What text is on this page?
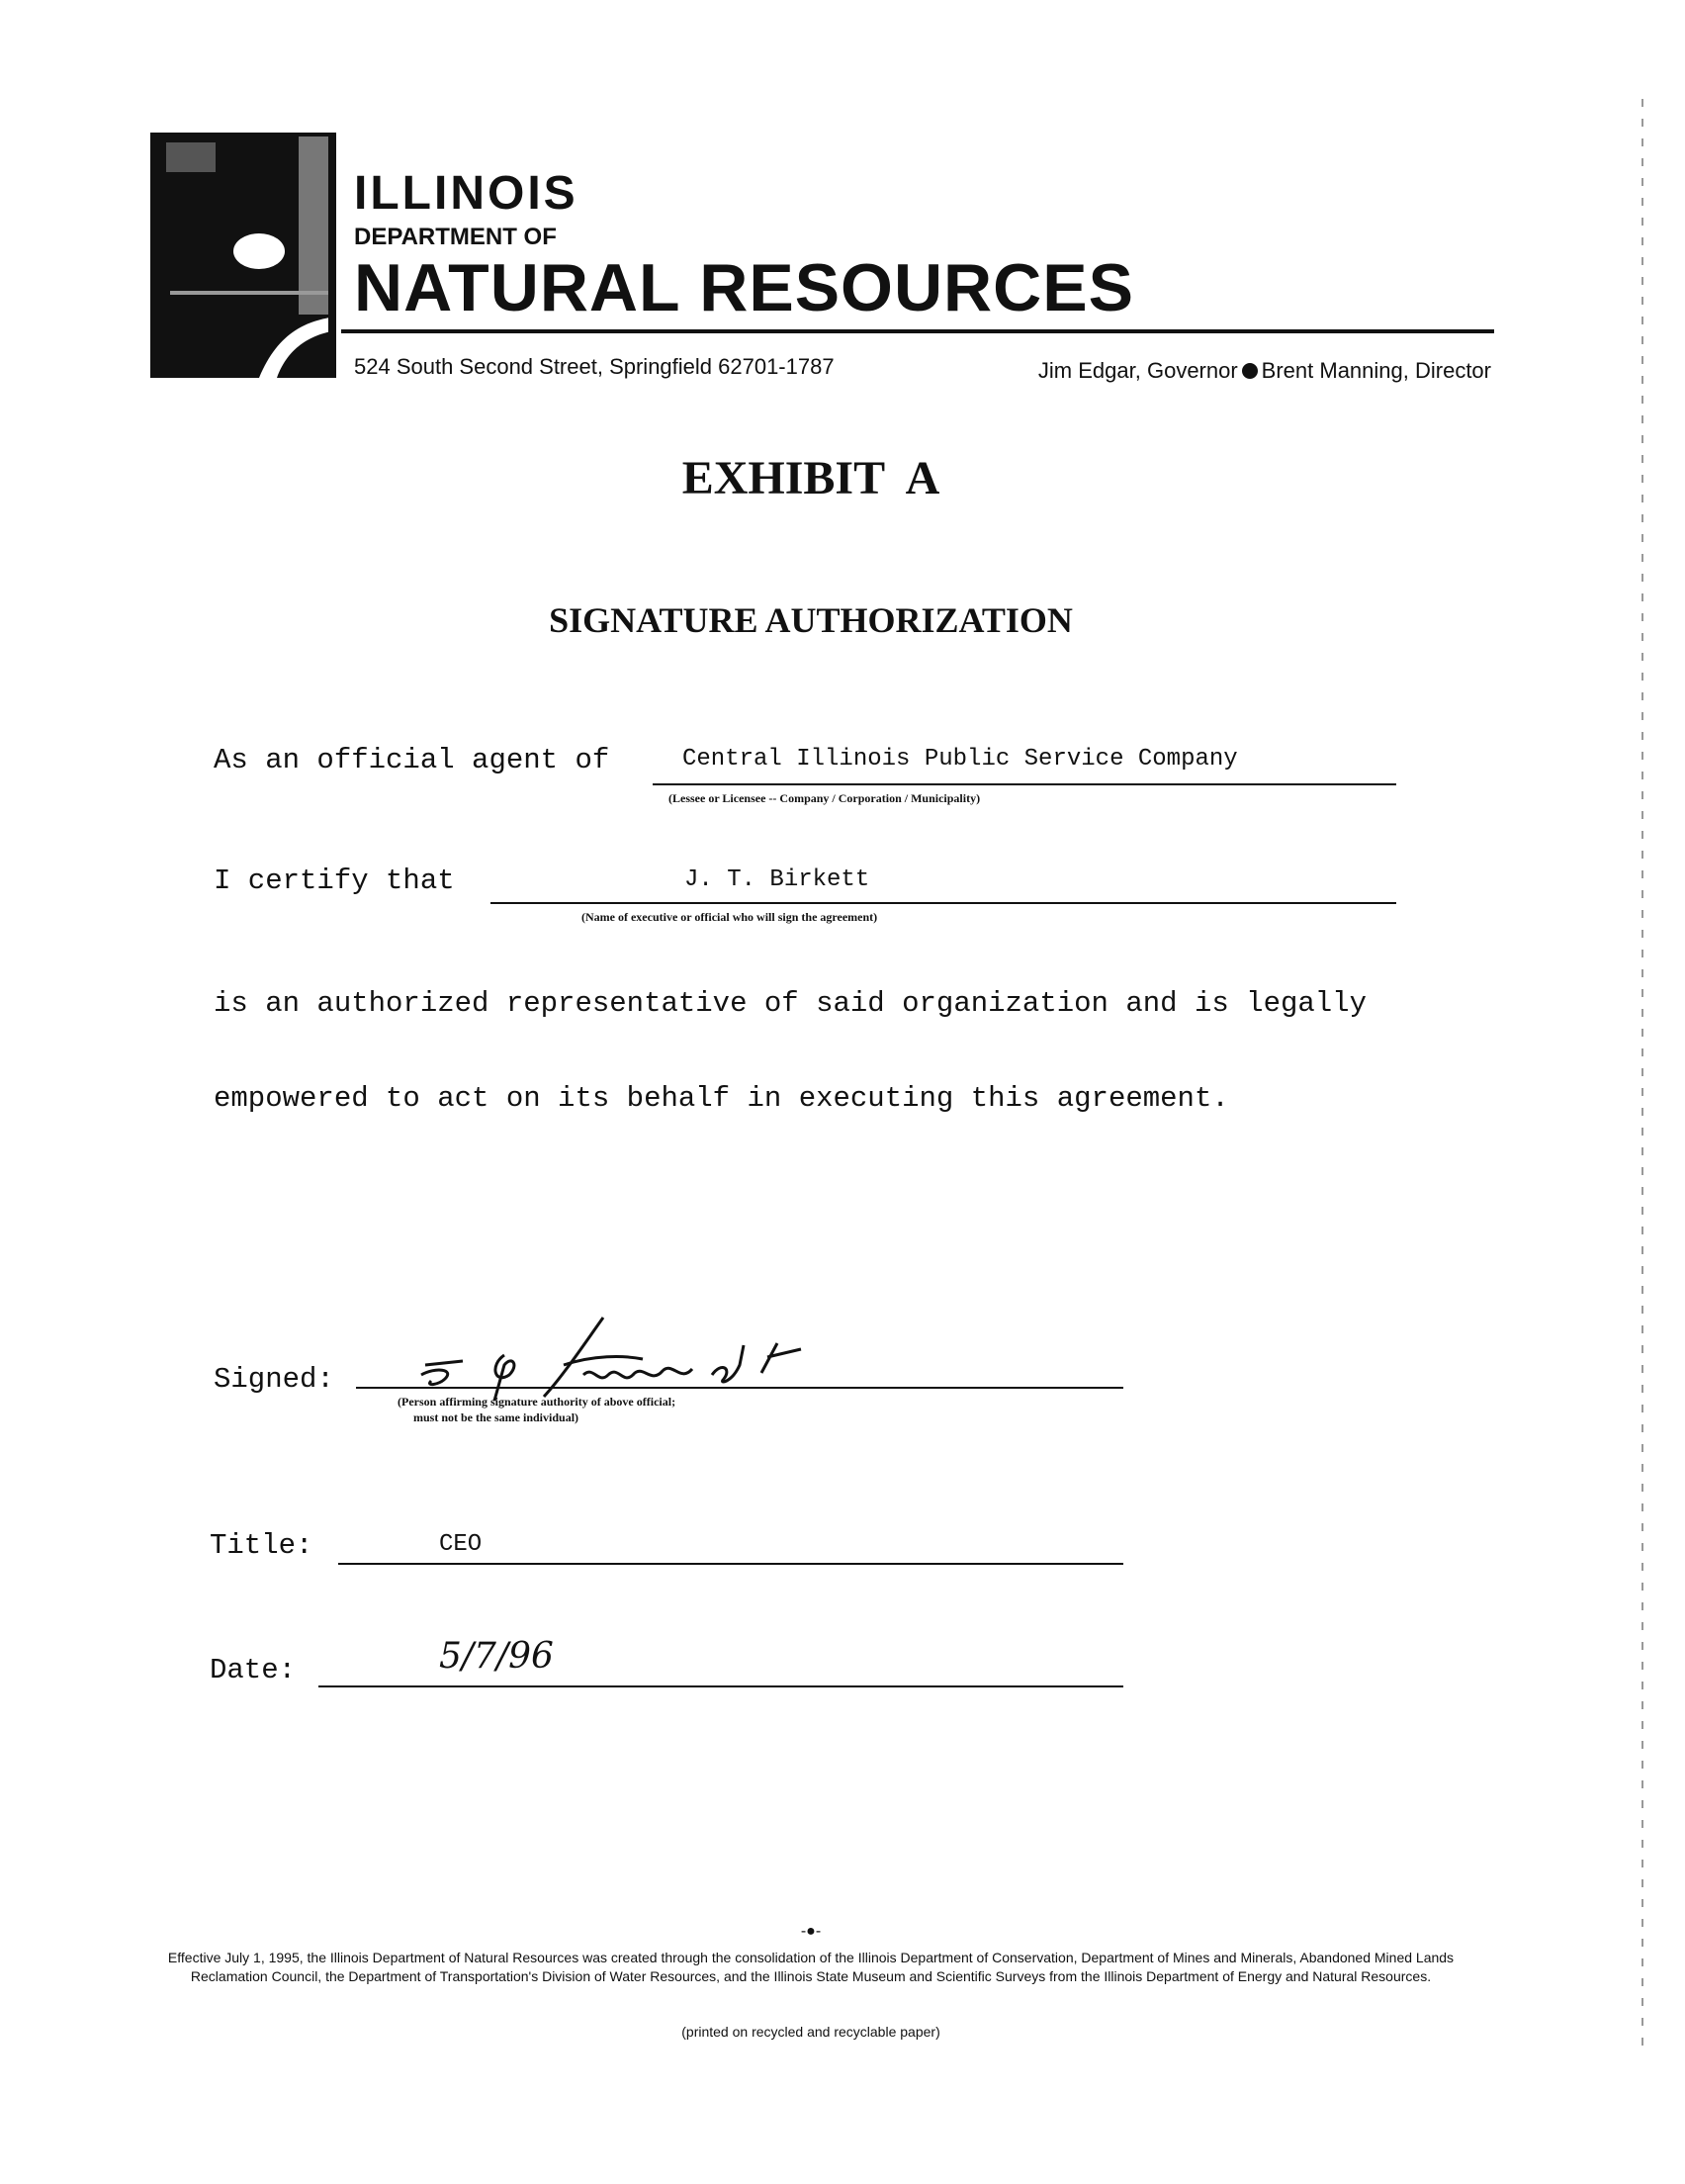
ILLINOIS
DEPARTMENT OF
NATURAL RESOURCES
524 South Second Street, Springfield 62701-1787	Jim Edgar, Governor Brent Manning, Director
EXHIBIT  A
SIGNATURE AUTHORIZATION
As an official agent of	Central Illinois Public Service Company
(Lessee or Licensee -- Company / Corporation / Municipality)
I certify that	J. T. Birkett
(Name of executive or official who will sign the agreement)
is an authorized representative of said organization and is legally
empowered to act on its behalf in executing this agreement.
Signed:
(Person affirming signature authority of above official;
must not be the same individual)
Title:	CEO
Date:	5/7/96
-●-
Effective July 1, 1995, the Illinois Department of Natural Resources was created through the consolidation of the Illinois Department of Conservation, Department of Mines and Minerals, Abandoned Mined Lands Reclamation Council, the Department of Transportation's Division of Water Resources, and the Illinois State Museum and Scientific Surveys from the Illinois Department of Energy and Natural Resources.
(printed on recycled and recyclable paper)
